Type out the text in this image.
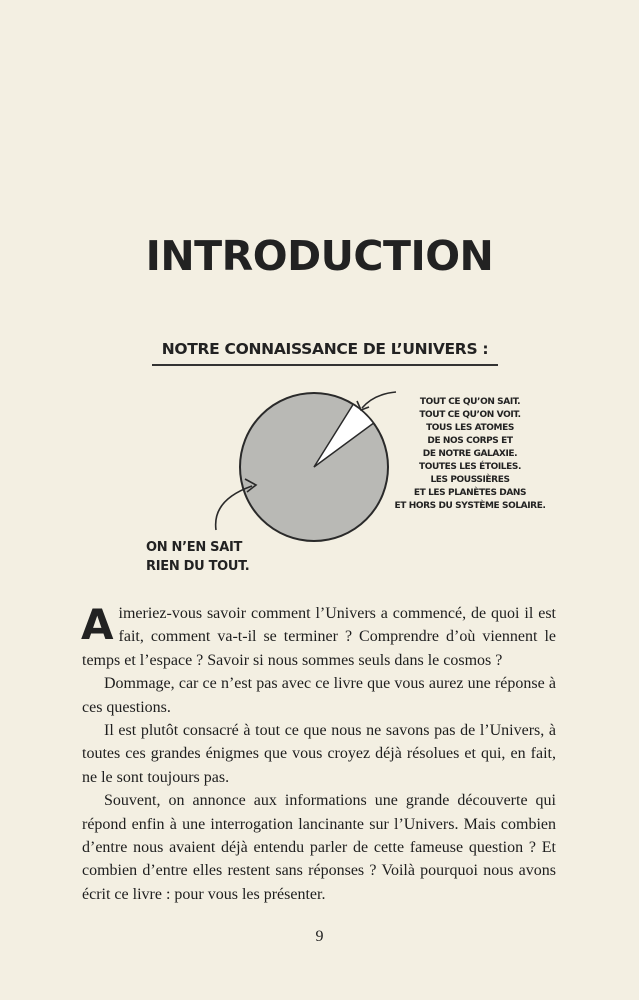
INTRODUCTION
NOTRE CONNAISSANCE DE L’UNIVERS :
TOUT CE QU’ON SAIT.
TOUT CE QU’ON VOIT.
TOUS LES ATOMES
DE NOS CORPS ET
DE NOTRE GALAXIE.
TOUTES LES ÉTOILES.
LES POUSSIÈRES
ET LES PLANÈTES DANS
ET HORS DU SYSTÈME SOLAIRE.
ON N’EN SAIT
RIEN DU TOUT.

Aimeriez-vous savoir comment l’Univers a commencé, de quoi il est fait, comment va-t-il se terminer ? Comprendre d’où viennent le temps et l’espace ? Savoir si nous sommes seuls dans le cosmos ?

Dommage, car ce n’est pas avec ce livre que vous aurez une réponse à ces questions.

Il est plutôt consacré à tout ce que nous ne savons pas de l’Univers, à toutes ces grandes énigmes que vous croyez déjà résolues et qui, en fait, ne le sont toujours pas.

Souvent, on annonce aux informations une grande découverte qui répond enfin à une interrogation lancinante sur l’Univers. Mais combien d’entre nous avaient déjà entendu parler de cette fameuse question ? Et combien d’entre elles restent sans réponses ? Voilà pourquoi nous avons écrit ce livre : pour vous les présenter.

9
